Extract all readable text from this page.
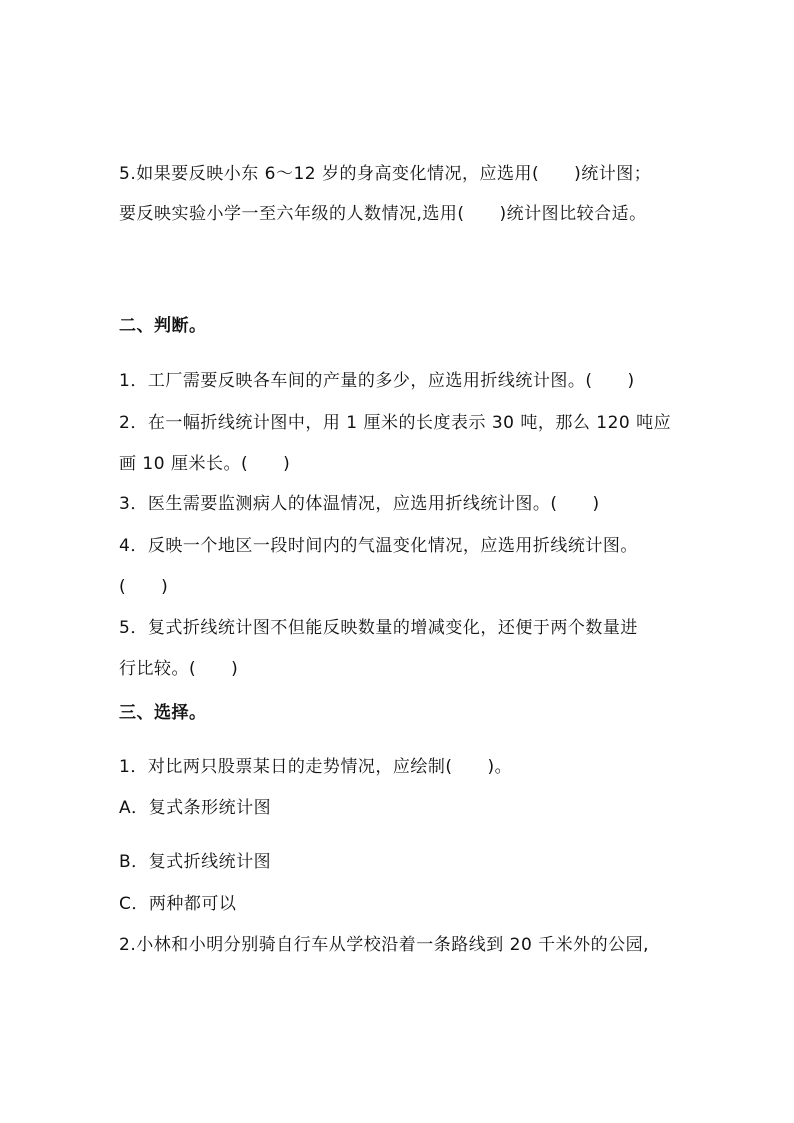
5.如果要反映小东 6～12 岁的身高变化情况，应选用(　　)统计图；
要反映实验小学一至六年级的人数情况,选用(　　)统计图比较合适。
二、判断。
1．工厂需要反映各车间的产量的多少，应选用折线统计图。(　　)
2．在一幅折线统计图中，用 1 厘米的长度表示 30 吨，那么 120 吨应
画 10 厘米长。(　　)
3．医生需要监测病人的体温情况，应选用折线统计图。(　　)
4．反映一个地区一段时间内的气温变化情况，应选用折线统计图。
(　　)
5．复式折线统计图不但能反映数量的增减变化，还便于两个数量进
行比较。(　　)
三、选择。
1．对比两只股票某日的走势情况，应绘制(　　)。
A．复式条形统计图
B．复式折线统计图
C．两种都可以
2.小林和小明分别骑自行车从学校沿着一条路线到 20 千米外的公园,
